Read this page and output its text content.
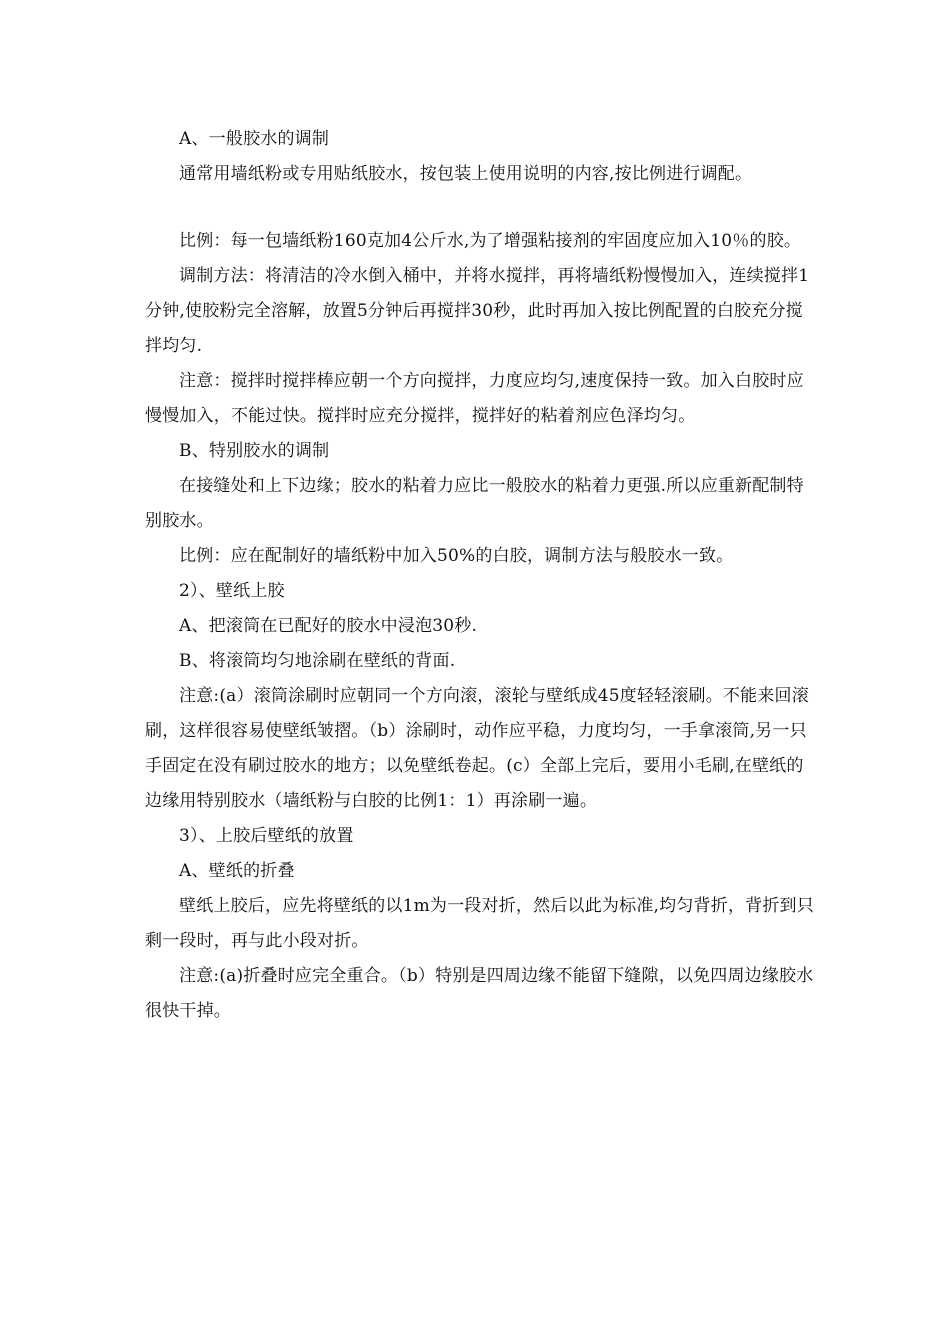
A、一般胶水的调制

通常用墙纸粉或专用贴纸胶水，按包装上使用说明的内容,按比例进行调配。

比例：每一包墙纸粉160克加4公斤水,为了增强粘接剂的牢固度应加入10％的胶。

调制方法：将清洁的冷水倒入桶中，并将水搅拌，再将墙纸粉慢慢加入，连续搅拌1分钟,使胶粉完全溶解，放置5分钟后再搅拌30秒，此时再加入按比例配置的白胶充分搅拌均匀.

注意：搅拌时搅拌棒应朝一个方向搅拌，力度应均匀,速度保持一致。加入白胶时应慢慢加入，不能过快。搅拌时应充分搅拌，搅拌好的粘着剂应色泽均匀。

B、特别胶水的调制

在接缝处和上下边缘；胶水的粘着力应比一般胶水的粘着力更强.所以应重新配制特别胶水。

比例：应在配制好的墙纸粉中加入50%的白胶，调制方法与般胶水一致。

2）、壁纸上胶

A、把滚筒在已配好的胶水中浸泡30秒.

B、将滚筒均匀地涂刷在壁纸的背面.

注意:(a）滚筒涂刷时应朝同一个方向滚，滚轮与壁纸成45度轻轻滚刷。不能来回滚刷，这样很容易使壁纸皱摺。（b）涂刷时，动作应平稳，力度均匀，一手拿滚筒,另一只手固定在没有刷过胶水的地方；以免壁纸卷起。(c）全部上完后，要用小毛刷,在壁纸的边缘用特别胶水（墙纸粉与白胶的比例1：1）再涂刷一遍。

3）、上胶后壁纸的放置

A、壁纸的折叠

壁纸上胶后，应先将壁纸的以1m为一段对折，然后以此为标准,均匀背折，背折到只剩一段时，再与此小段对折。

注意:(a)折叠时应完全重合。（b）特别是四周边缘不能留下缝隙，以免四周边缘胶水很快干掉。
